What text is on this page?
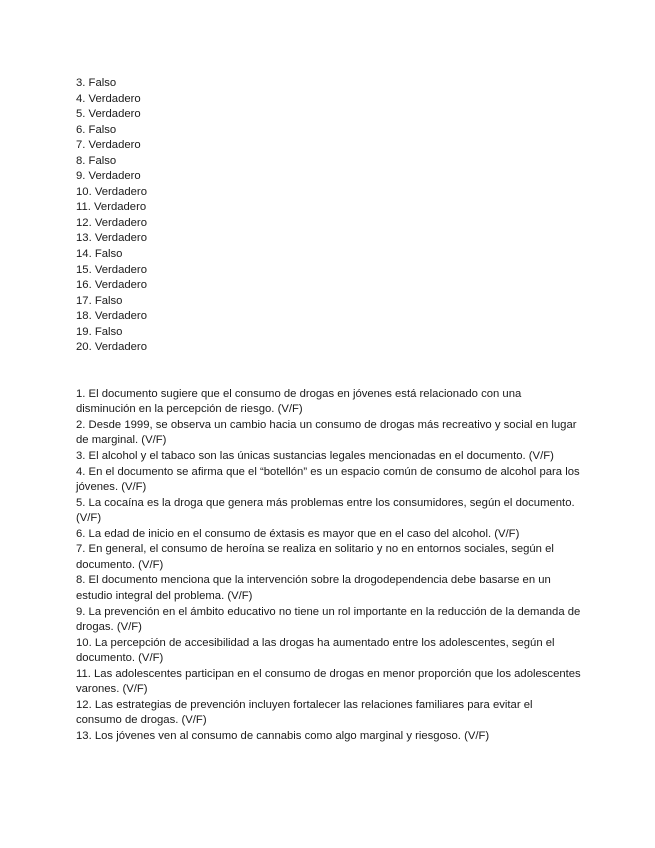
3. Falso
4. Verdadero
5. Verdadero
6. Falso
7. Verdadero
8. Falso
9. Verdadero
10. Verdadero
11. Verdadero
12. Verdadero
13. Verdadero
14. Falso
15. Verdadero
16. Verdadero
17. Falso
18. Verdadero
19. Falso
20. Verdadero
1. El documento sugiere que el consumo de drogas en jóvenes está relacionado con una disminución en la percepción de riesgo. (V/F)
2. Desde 1999, se observa un cambio hacia un consumo de drogas más recreativo y social en lugar de marginal. (V/F)
3. El alcohol y el tabaco son las únicas sustancias legales mencionadas en el documento. (V/F)
4. En el documento se afirma que el “botellón” es un espacio común de consumo de alcohol para los jóvenes. (V/F)
5. La cocaína es la droga que genera más problemas entre los consumidores, según el documento. (V/F)
6. La edad de inicio en el consumo de éxtasis es mayor que en el caso del alcohol. (V/F)
7. En general, el consumo de heroína se realiza en solitario y no en entornos sociales, según el documento. (V/F)
8. El documento menciona que la intervención sobre la drogodependencia debe basarse en un estudio integral del problema. (V/F)
9. La prevención en el ámbito educativo no tiene un rol importante en la reducción de la demanda de drogas. (V/F)
10. La percepción de accesibilidad a las drogas ha aumentado entre los adolescentes, según el documento. (V/F)
11. Las adolescentes participan en el consumo de drogas en menor proporción que los adolescentes varones. (V/F)
12. Las estrategias de prevención incluyen fortalecer las relaciones familiares para evitar el consumo de drogas. (V/F)
13. Los jóvenes ven al consumo de cannabis como algo marginal y riesgoso. (V/F)
